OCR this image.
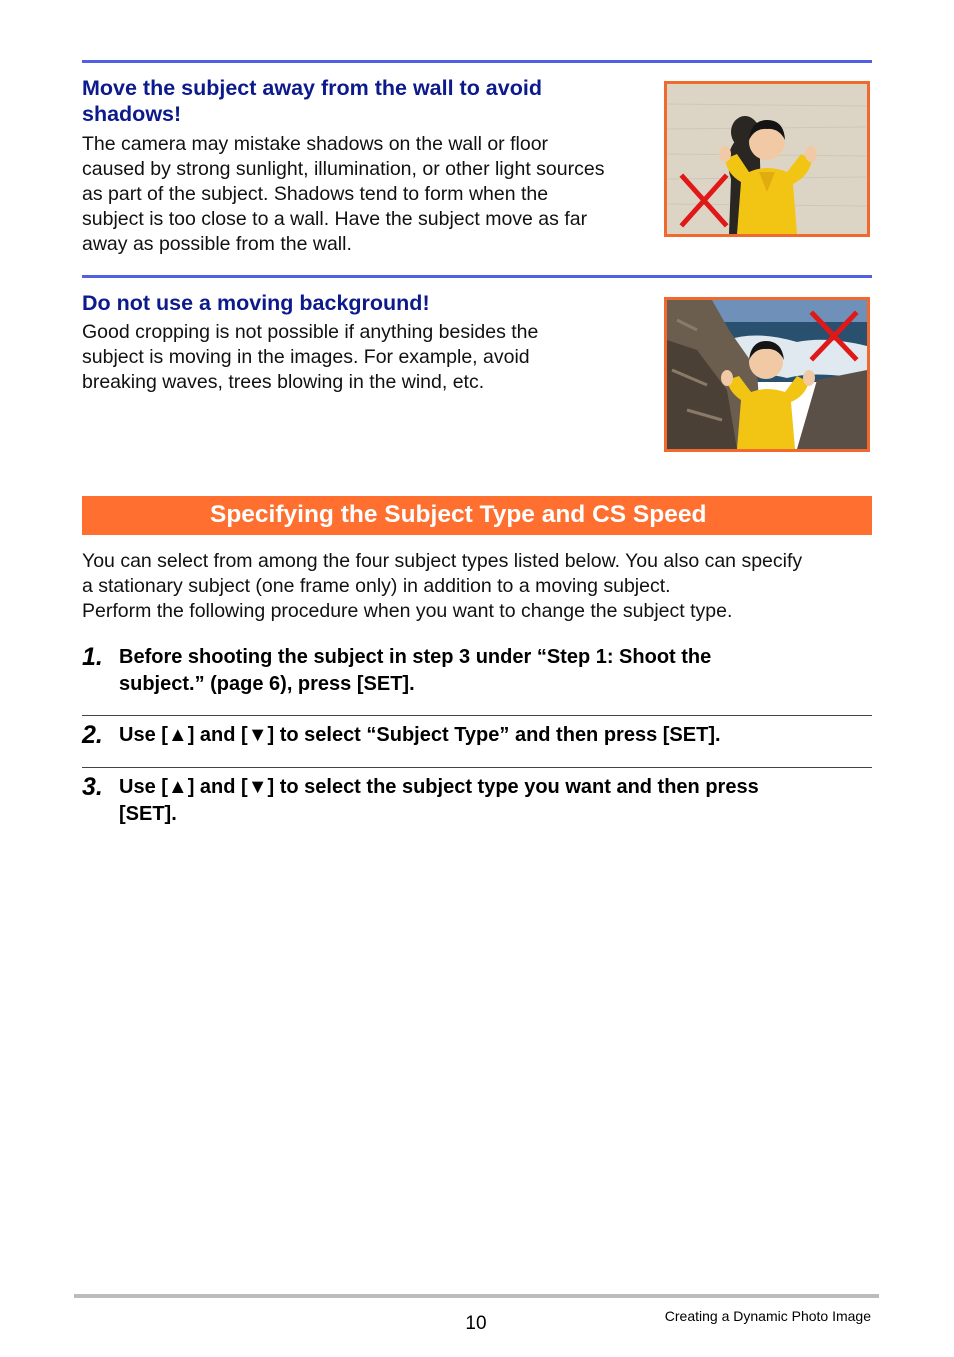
Move the subject away from the wall to avoid shadows!

The camera may mistake shadows on the wall or floor
caused by strong sunlight, illumination, or other light sources
as part of the subject. Shadows tend to form when the
subject is too close to a wall. Have the subject move as far
away as possible from the wall.

Do not use a moving background!

Good cropping is not possible if anything besides the
subject is moving in the images. For example, avoid
breaking waves, trees blowing in the wind, etc.

Specifying the Subject Type and CS Speed

You can select from among the four subject types listed below. You also can specify
a stationary subject (one frame only) in addition to a moving subject.
Perform the following procedure when you want to change the subject type.

1. Before shooting the subject in step 3 under “Step 1: Shoot the
subject.” (page 6), press [SET].

2. Use [▲] and [▼] to select “Subject Type” and then press [SET].

3. Use [▲] and [▼] to select the subject type you want and then press
[SET].

10	Creating a Dynamic Photo Image
